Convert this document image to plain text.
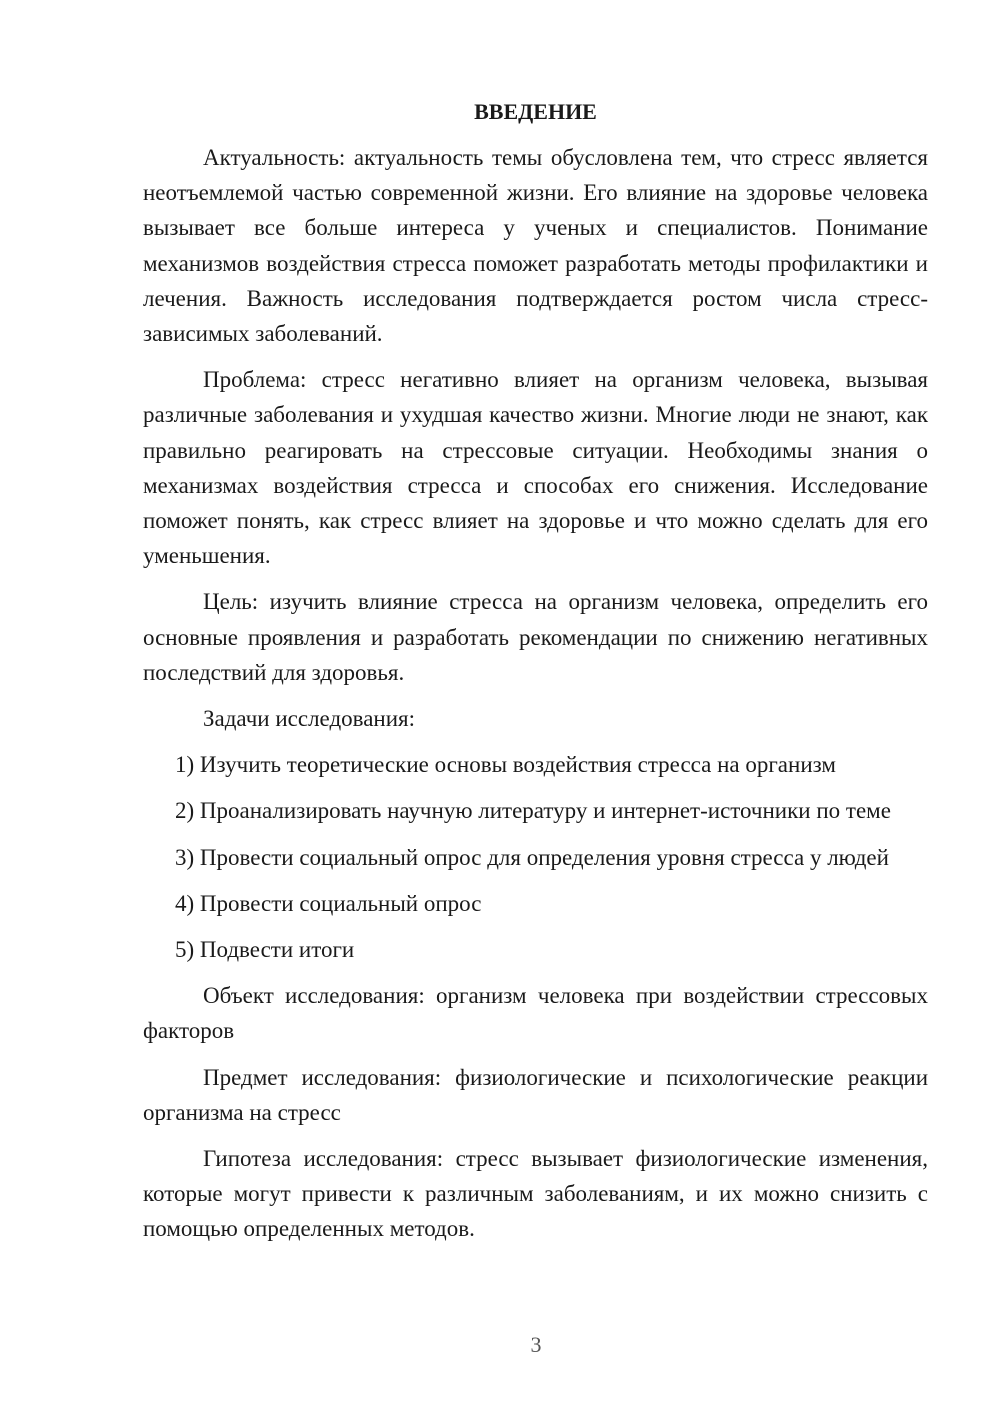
ВВЕДЕНИЕ

Актуальность: актуальность темы обусловлена тем, что стресс является неотъемлемой частью современной жизни. Его влияние на здоровье человека вызывает все больше интереса у ученых и специалистов. Понимание механизмов воздействия стресса поможет разработать методы профилактики и лечения. Важность исследования подтверждается ростом числа стресс-зависимых заболеваний.

Проблема: стресс негативно влияет на организм человека, вызывая различные заболевания и ухудшая качество жизни. Многие люди не знают, как правильно реагировать на стрессовые ситуации. Необходимы знания о механизмах воздействия стресса и способах его снижения. Исследование поможет понять, как стресс влияет на здоровье и что можно сделать для его уменьшения.

Цель: изучить влияние стресса на организм человека, определить его основные проявления и разработать рекомендации по снижению негативных последствий для здоровья.

Задачи исследования:

1) Изучить теоретические основы воздействия стресса на организм

2) Проанализировать научную литературу и интернет-источники по теме

3) Провести социальный опрос для определения уровня стресса у людей

4) Провести социальный опрос

5) Подвести итоги

Объект исследования: организм человека при воздействии стрессовых факторов

Предмет исследования: физиологические и психологические реакции организма на стресс

Гипотеза исследования: стресс вызывает физиологические изменения, которые могут привести к различным заболеваниям, и их можно снизить с помощью определенных методов.

3
